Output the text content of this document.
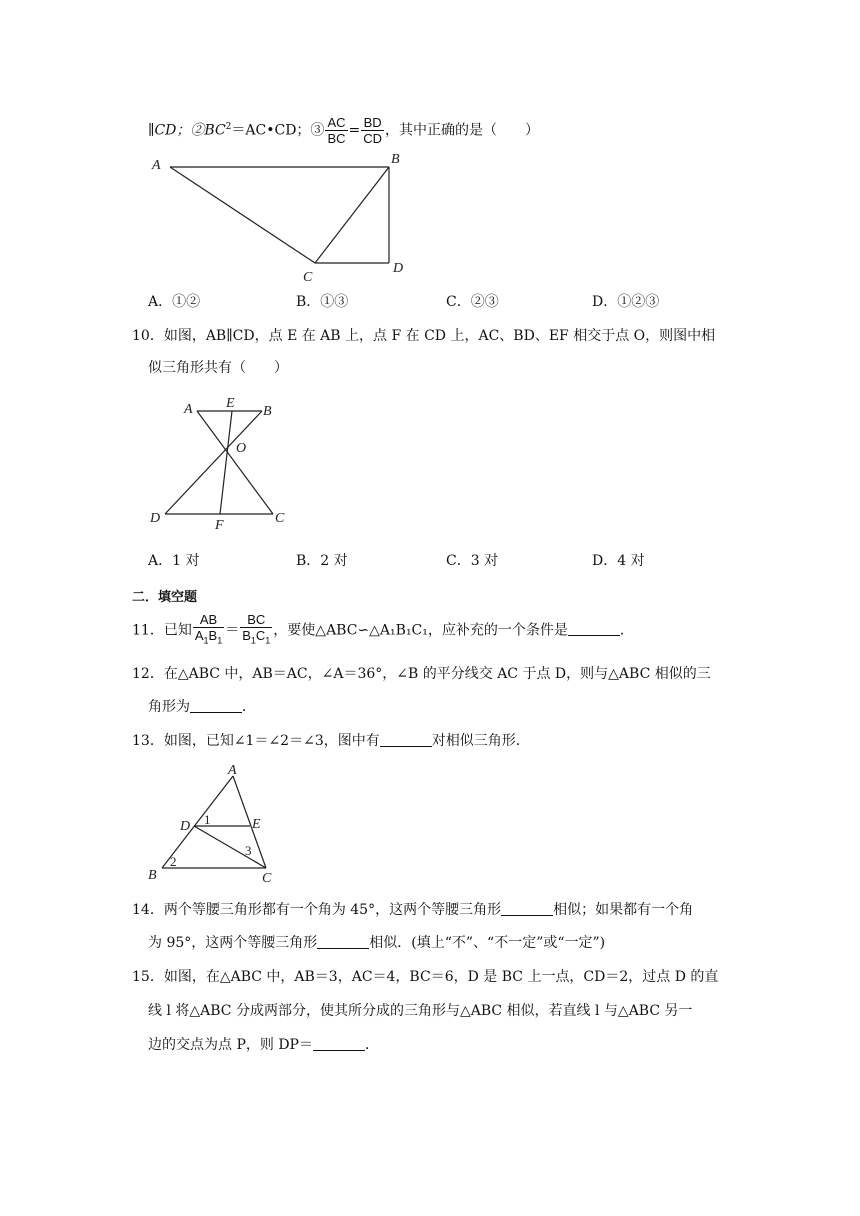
∥CD；$②BC^2=AC•CD$；③ $\frac{AC}{BC} = \frac{BD}{CD}$ ，其中正确的是（　　）
A	B
C
D
A．①②	B．①③	C．②③	D．①②③
10．如图，AB∥CD，点 E 在 AB 上，点 F 在 CD 上，AC、BD、EF 相交于点 O，则图中相
似三角形共有（　　）
A E
B
O
D	F	C
A．1 对	B．2 对	C．3 对	D．4 对
二．填空题
11．已知 $\frac{AB}{A_1B_1} = \frac{BC}{B_1C_1}$ ，要使△ABC∽△A₁B₁C₁，应补充的一个条件是	．
12．在△ABC 中，AB＝AC，∠A＝36°，∠B 的平分线交 AC 于点 D，则与△ABC 相似的三
角形为	．
13．如图，已知∠1＝∠2＝∠3，图中有	对相似三角形．
A
D	E
B	C
1
2
3
14．两个等腰三角形都有一个角为 45°，这两个等腰三角形	相似；如果都有一个角
为 95°，这两个等腰三角形	相似．(填上“不”、“不一定”或“一定”)
15．如图，在△ABC 中，AB＝3，AC＝4，BC＝6，D 是 BC 上一点，CD＝2，过点 D 的直
线 l 将△ABC 分成两部分，使其所分成的三角形与△ABC 相似，若直线 l 与△ABC 另一
边的交点为点 P，则 DP＝	．
